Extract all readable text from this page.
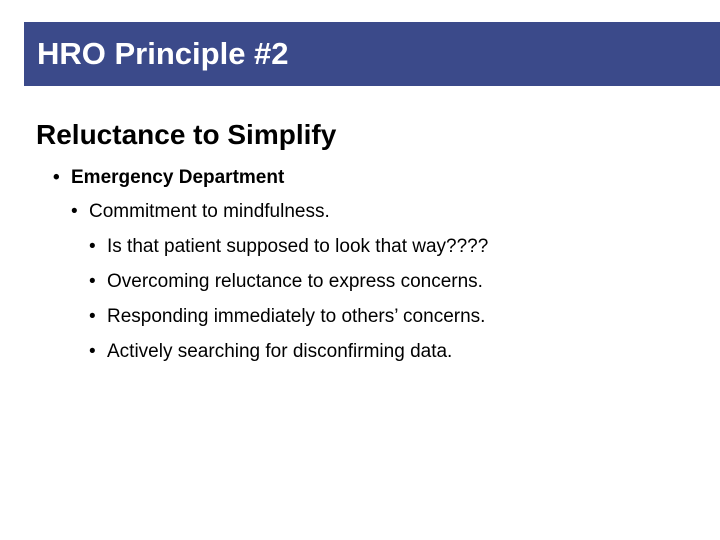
HRO Principle #2
Reluctance to Simplify
• Emergency Department
• Commitment to mindfulness.
• Is that patient supposed to look that way????
• Overcoming reluctance to express concerns.
• Responding immediately to others’ concerns.
• Actively searching for disconfirming data.
